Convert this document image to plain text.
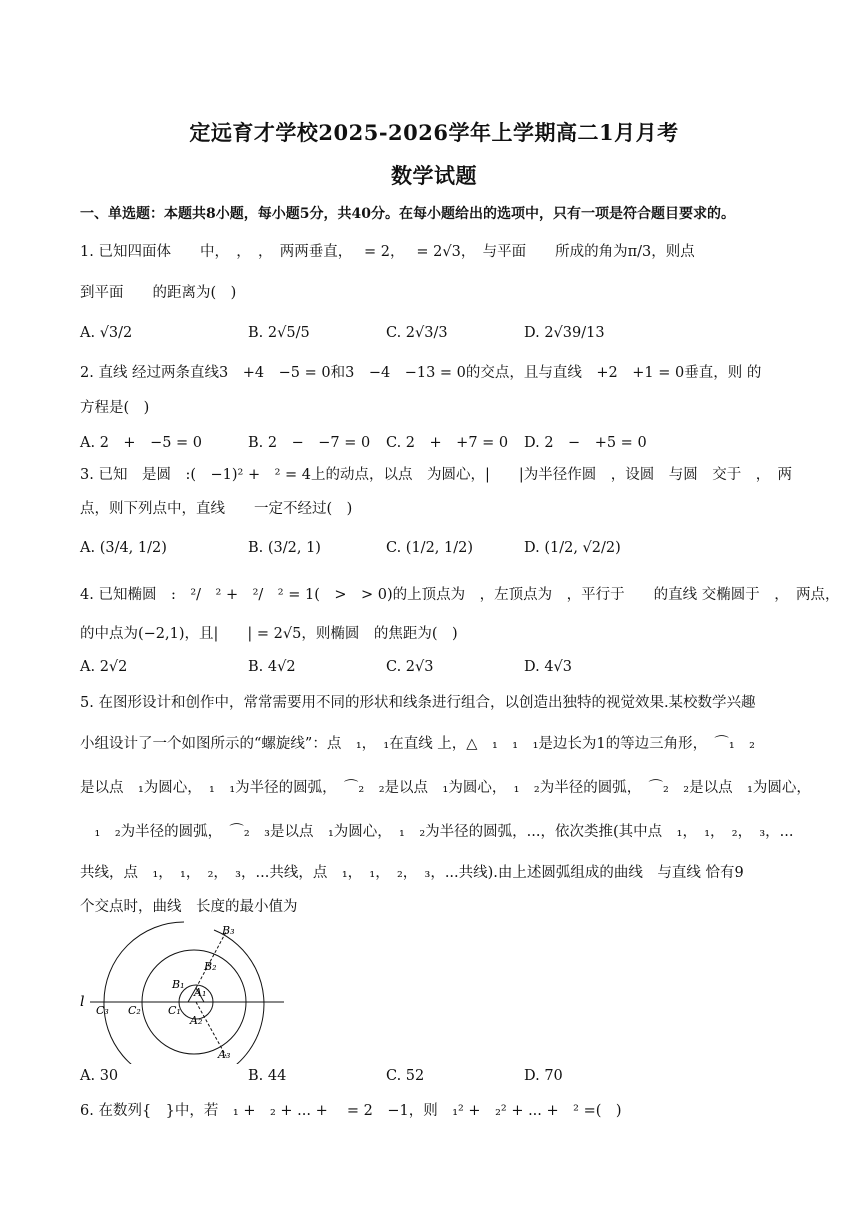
定远育才学校2025-2026学年上学期高二1月月考
数学试题
一、单选题：本题共8小题，每小题5分，共40分。在每小题给出的选项中，只有一项是符合题目要求的。
1. 已知四面体　　中，　，　，　两两垂直，　 = 2，　 = 2√3，　与平面　　所成的角为π/3，则点
到平面　　的距离为(　)
A. √3/2	B. 2√5/5	C. 2√3/3	D. 2√39/13
2. 直线 经过两条直线3　+4　−5 = 0和3　−4　−13 = 0的交点，且与直线　+2　+1 = 0垂直，则 的
方程是(　)
A. 2　+　−5 = 0	B. 2　−　−7 = 0 C. 2　+　+7 = 0 D. 2　−　+5 = 0
3. 已知　是圆　:(　−1)² +　² = 4上的动点，以点　为圆心，|　　|为半径作圆　，设圆　与圆　交于　，　两
点，则下列点中，直线　　一定不经过(　)
A. (3/4, 1/2)	B. (3/2, 1)	C. (1/2, 1/2)	D. (1/2, √2/2)
4. 已知椭圆　:　²/　² +　²/　² = 1(　>　> 0)的上顶点为　，左顶点为　，平行于　　的直线 交椭圆于　，　两点，
的中点为(−2,1)，且|　　| = 2√5，则椭圆　的焦距为(　)
A. 2√2	B. 4√2	C. 2√3	D. 4√3
5. 在图形设计和创作中，常常需要用不同的形状和线条进行组合，以创造出独特的视觉效果.某校数学兴趣
小组设计了一个如图所示的“螺旋线”：点　₁，　₁在直线 上，△　₁　₁　₁是边长为1的等边三角形，　⌒₁　₂
是以点　₁为圆心，　₁　₁为半径的圆弧，　⌒₂　₂是以点　₁为圆心，　₁　₂为半径的圆弧，　⌒₂　₂是以点　₁为圆心，
　₁　₂为半径的圆弧，　⌒₂　₃是以点　₁为圆心，　₁　₂为半径的圆弧，...，依次类推(其中点　₁，　₁，　₂，　₃，...
共线，点　₁，　₁，　₂，　₃，...共线，点　₁，　₁，　₂，　₃，...共线).由上述圆弧组成的曲线　与直线 恰有9
个交点时，曲线　长度的最小值为
l
B₃
B₂
B₁
A₁
A₂
A₃
C₁
C₂
C₃
A. 30	B. 44	C. 52	D. 70
6. 在数列{　}中，若　₁ +　₂ + ... +　 = 2　−1，则　₁² +　₂² + ... +　² =(　)
